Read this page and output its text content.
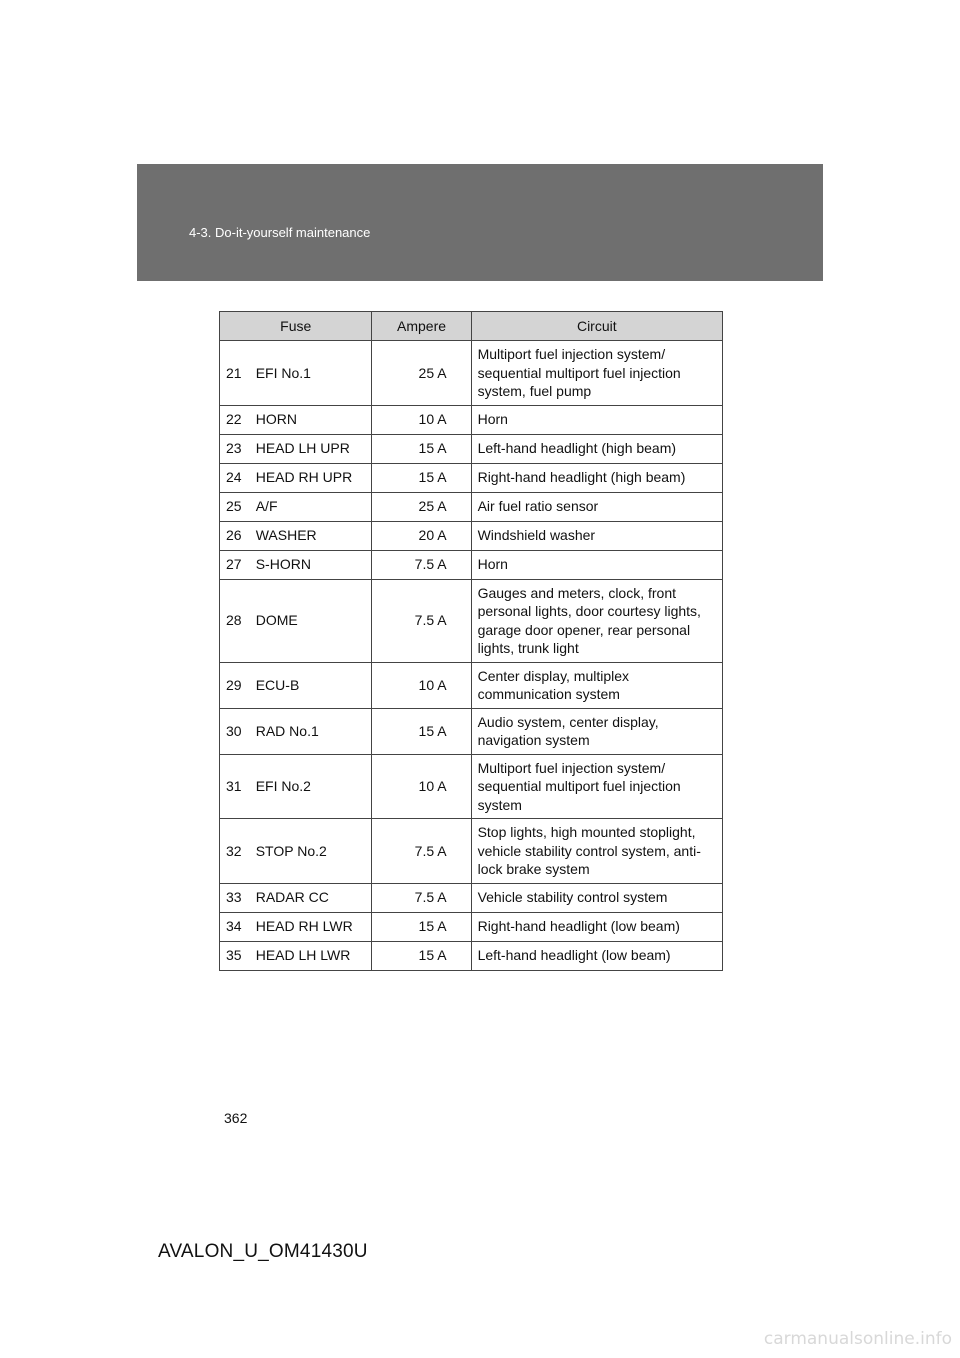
4-3. Do-it-yourself maintenance
Fuse		Ampere	Circuit
21	EFI No.1	25 A	Multiport fuel injection system/ sequential multiport fuel injection system, fuel pump
22	HORN	10 A	Horn
23	HEAD LH UPR	15 A	Left-hand headlight (high beam)
24	HEAD RH UPR	15 A	Right-hand headlight (high beam)
25	A/F	25 A	Air fuel ratio sensor
26	WASHER	20 A	Windshield washer
27	S-HORN	7.5 A	Horn
28	DOME	7.5 A	Gauges and meters, clock, front personal lights, door courtesy lights, garage door opener, rear personal lights, trunk light
29	ECU-B	10 A	Center display, multiplex communication system
30	RAD No.1	15 A	Audio system, center display, navigation system
31	EFI No.2	10 A	Multiport fuel injection system/ sequential multiport fuel injection system
32	STOP No.2	7.5 A	Stop lights, high mounted stoplight, vehicle stability control system, anti-lock brake system
33	RADAR CC	7.5 A	Vehicle stability control system
34	HEAD RH LWR	15 A	Right-hand headlight (low beam)
35	HEAD LH LWR	15 A	Left-hand headlight (low beam)
362
AVALON_U_OM41430U
carmanualsonline.info
